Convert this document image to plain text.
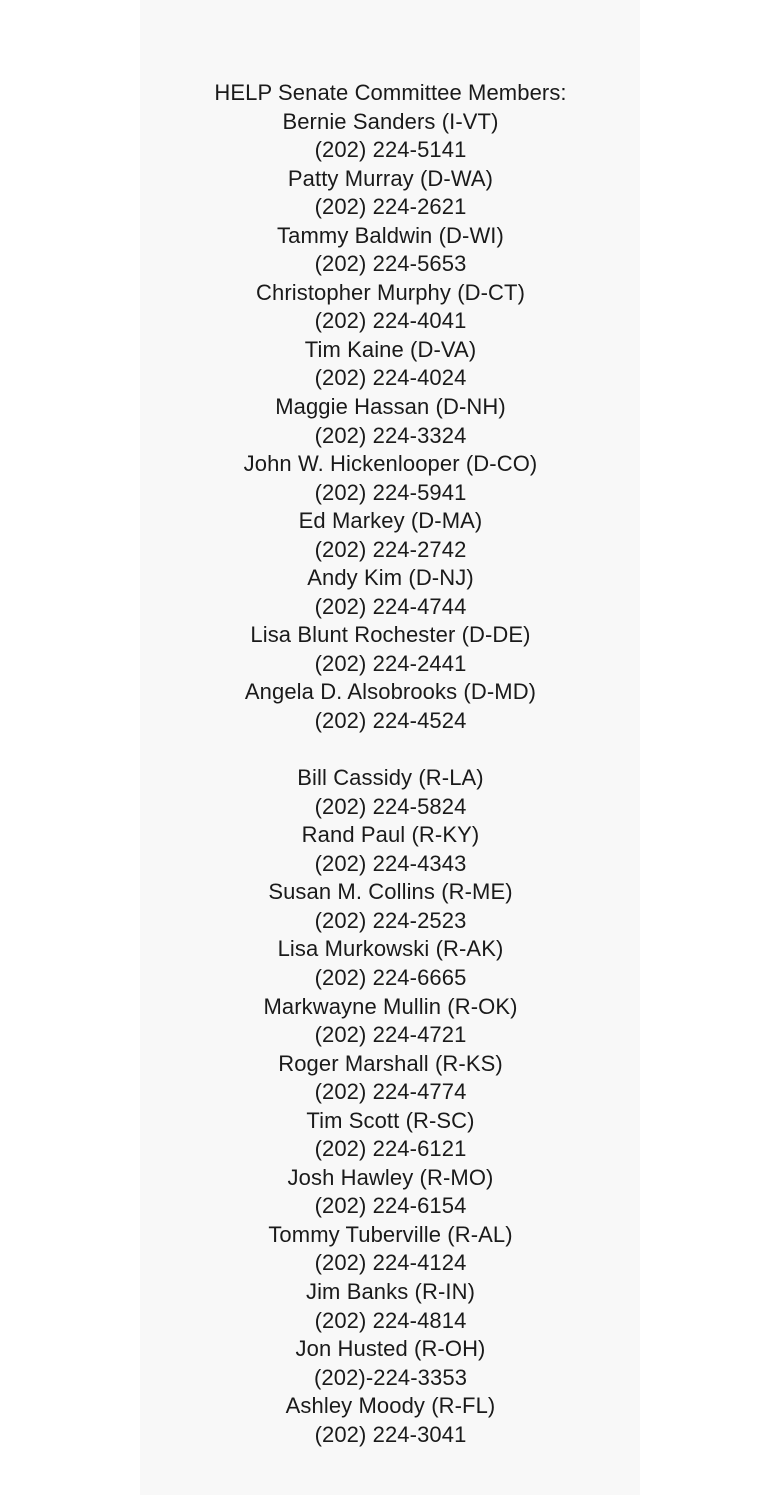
HELP Senate Committee Members:
Bernie Sanders (I-VT)
(202) 224-5141
Patty Murray (D-WA)
(202) 224-2621
Tammy Baldwin (D-WI)
(202) 224-5653
Christopher Murphy (D-CT)
(202) 224-4041
Tim Kaine (D-VA)
(202) 224-4024
Maggie Hassan (D-NH)
(202) 224-3324
John W. Hickenlooper (D-CO)
(202) 224-5941
Ed Markey (D-MA)
(202) 224-2742
Andy Kim (D-NJ)
(202) 224-4744
Lisa Blunt Rochester (D-DE)
(202) 224-2441
Angela D. Alsobrooks (D-MD)
(202) 224-4524
Bill Cassidy (R-LA)
(202) 224-5824
Rand Paul (R-KY)
(202) 224-4343
Susan M. Collins (R-ME)
(202) 224-2523
Lisa Murkowski (R-AK)
(202) 224-6665
Markwayne Mullin (R-OK)
(202) 224-4721
Roger Marshall (R-KS)
(202) 224-4774
Tim Scott (R-SC)
(202) 224-6121
Josh Hawley (R-MO)
(202) 224-6154
Tommy Tuberville (R-AL)
(202) 224-4124
Jim Banks (R-IN)
(202) 224-4814
Jon Husted (R-OH)
(202)-224-3353
Ashley Moody (R-FL)
(202) 224-3041
